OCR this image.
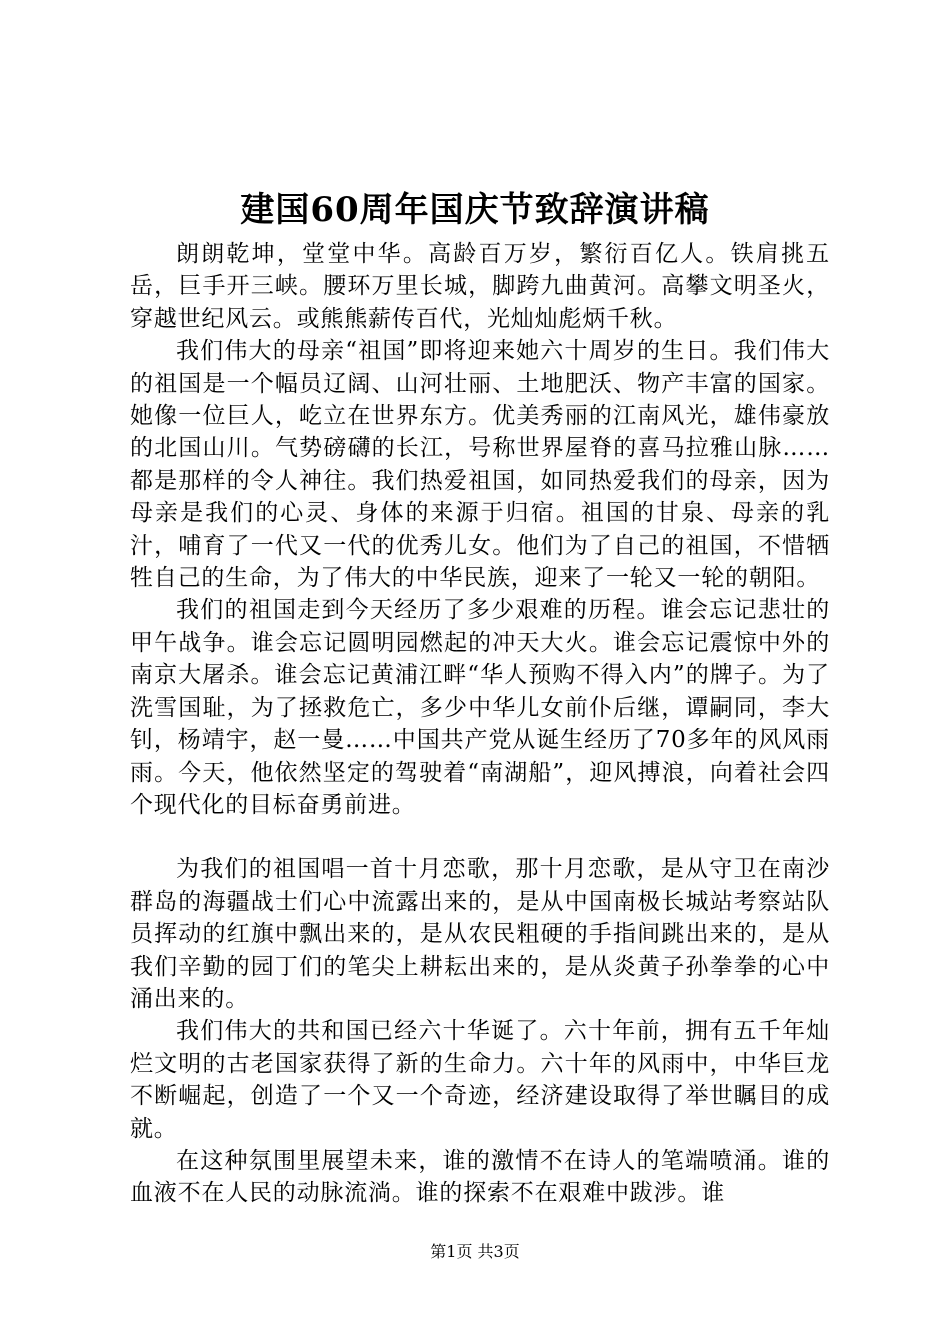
建国60周年国庆节致辞演讲稿

朗朗乾坤，堂堂中华。高龄百万岁，繁衍百亿人。铁肩挑五岳，巨手开三峡。腰环万里长城，脚跨九曲黄河。高攀文明圣火，穿越世纪风云。或熊熊薪传百代，光灿灿彪炳千秋。

我们伟大的母亲“祖国”即将迎来她六十周岁的生日。我们伟大的祖国是一个幅员辽阔、山河壮丽、土地肥沃、物产丰富的国家。她像一位巨人，屹立在世界东方。优美秀丽的江南风光，雄伟豪放的北国山川。气势磅礴的长江，号称世界屋脊的喜马拉雅山脉……都是那样的令人神往。我们热爱祖国，如同热爱我们的母亲，因为母亲是我们的心灵、身体的来源于归宿。祖国的甘泉、母亲的乳汁，哺育了一代又一代的优秀儿女。他们为了自己的祖国，不惜牺牲自己的生命，为了伟大的中华民族，迎来了一轮又一轮的朝阳。

我们的祖国走到今天经历了多少艰难的历程。谁会忘记悲壮的甲午战争。谁会忘记圆明园燃起的冲天大火。谁会忘记震惊中外的南京大屠杀。谁会忘记黄浦江畔“华人预购不得入内”的牌子。为了洗雪国耻，为了拯救危亡，多少中华儿女前仆后继，谭嗣同，李大钊，杨靖宇，赵一曼……中国共产党从诞生经历了70多年的风风雨雨。今天，他依然坚定的驾驶着“南湖船”，迎风搏浪，向着社会四个现代化的目标奋勇前进。

为我们的祖国唱一首十月恋歌，那十月恋歌，是从守卫在南沙群岛的海疆战士们心中流露出来的，是从中国南极长城站考察站队员挥动的红旗中飘出来的，是从农民粗硬的手指间跳出来的，是从我们辛勤的园丁们的笔尖上耕耘出来的，是从炎黄子孙拳拳的心中涌出来的。

我们伟大的共和国已经六十华诞了。六十年前，拥有五千年灿烂文明的古老国家获得了新的生命力。六十年的风雨中，中华巨龙不断崛起，创造了一个又一个奇迹，经济建设取得了举世瞩目的成就。

在这种氛围里展望未来，谁的激情不在诗人的笔端喷涌。谁的血液不在人民的动脉流淌。谁的探索不在艰难中跋涉。谁

第1页 共3页
